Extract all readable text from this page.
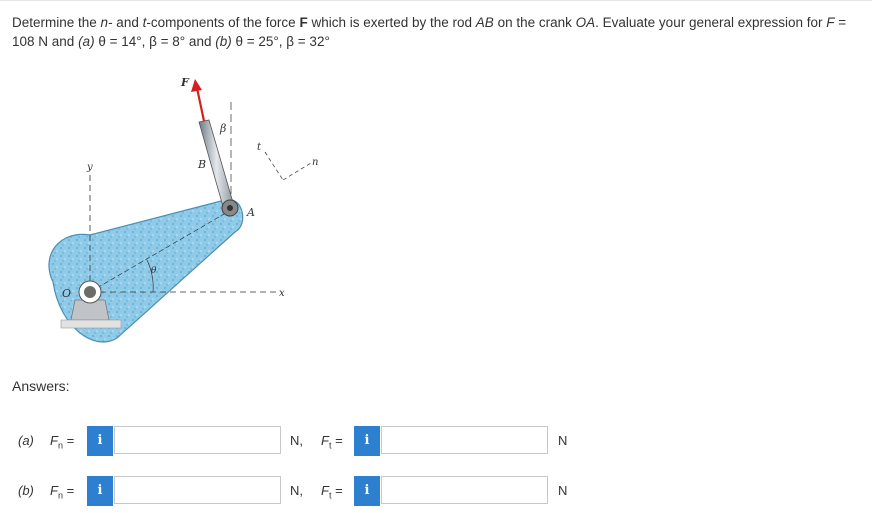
Determine the n- and t-components of the force F which is exerted by the rod AB on the crank OA. Evaluate your general expression for F = 108 N and (a) θ = 14°, β = 8° and (b) θ = 25°, β = 32°
F
β
B
t
n
A
y
θ
O	x
Answers:
(a) $F_n$ =	i	N, $F_t$ =	i	N
(b) $F_n$ =	i	N, $F_t$ =	i	N
